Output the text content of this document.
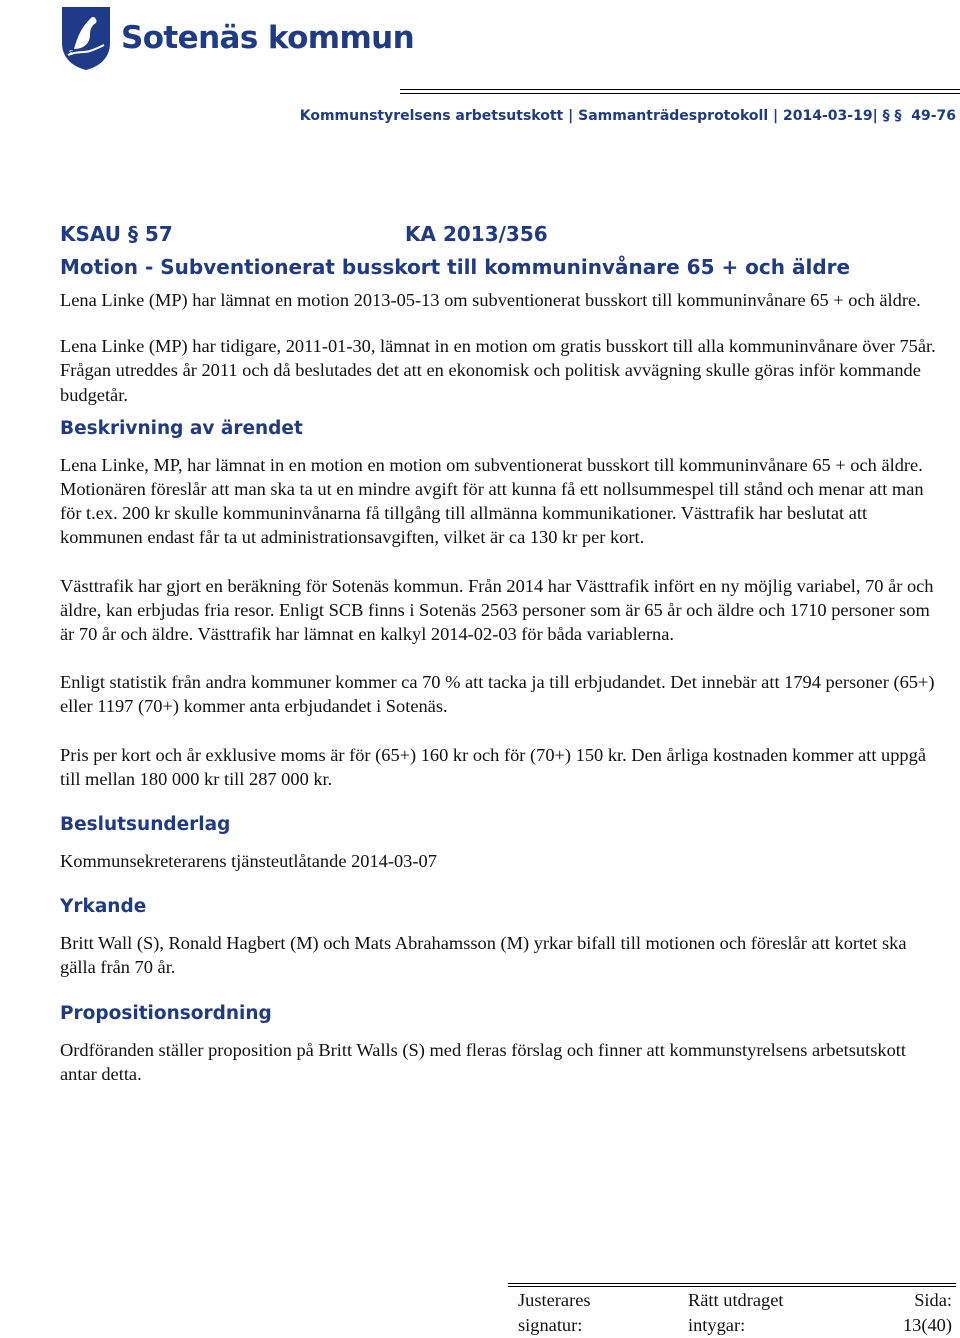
S Sotenäs kommun
Kommunstyrelsens arbetsutskott | Sammanträdesprotokoll | 2014-03-19| § § 49-76
KSAU § 57	KA 2013/356
Motion - Subventionerat busskort till kommuninvånare 65 + och äldre

Lena Linke (MP) har lämnat en motion 2013-05-13 om subventionerat busskort till kommuninvånare 65 + och äldre.

Lena Linke (MP) har tidigare, 2011-01-30, lämnat in en motion om gratis busskort till alla kommuninvånare över 75år. Frågan utreddes år 2011 och då beslutades det att en ekonomisk och politisk avvägning skulle göras inför kommande budgetår.

Beskrivning av ärendet

Lena Linke, MP, har lämnat in en motion en motion om subventionerat busskort till kommuninvånare 65 + och äldre. Motionären föreslår att man ska ta ut en mindre avgift för att kunna få ett nollsummespel till stånd och menar att man för t.ex. 200 kr skulle kommuninvånarna få tillgång till allmänna kommunikationer. Västtrafik har beslutat att kommunen endast får ta ut administrationsavgiften, vilket är ca 130 kr per kort.

Västtrafik har gjort en beräkning för Sotenäs kommun. Från 2014 har Västtrafik infört en ny möjlig variabel, 70 år och äldre, kan erbjudas fria resor. Enligt SCB finns i Sotenäs 2563 personer som är 65 år och äldre och 1710 personer som är 70 år och äldre. Västtrafik har lämnat en kalkyl 2014-02-03 för båda variablerna.

Enligt statistik från andra kommuner kommer ca 70 % att tacka ja till erbjudandet. Det innebär att 1794 personer (65+) eller 1197 (70+) kommer anta erbjudandet i Sotenäs.

Pris per kort och år exklusive moms är för (65+) 160 kr och för (70+) 150 kr. Den årliga kostnaden kommer att uppgå till mellan 180 000 kr till 287 000 kr.

Beslutsunderlag

Kommunsekreterarens tjänsteutlåtande 2014-03-07

Yrkande

Britt Wall (S), Ronald Hagbert (M) och Mats Abrahamsson (M) yrkar bifall till motionen och föreslår att kortet ska gälla från 70 år.

Propositionsordning

Ordföranden ställer proposition på Britt Walls (S) med fleras förslag och finner att kommunstyrelsens arbetsutskott antar detta.

Justerares
signatur:
Rätt utdraget
intygar:
Sida:
13(40)
